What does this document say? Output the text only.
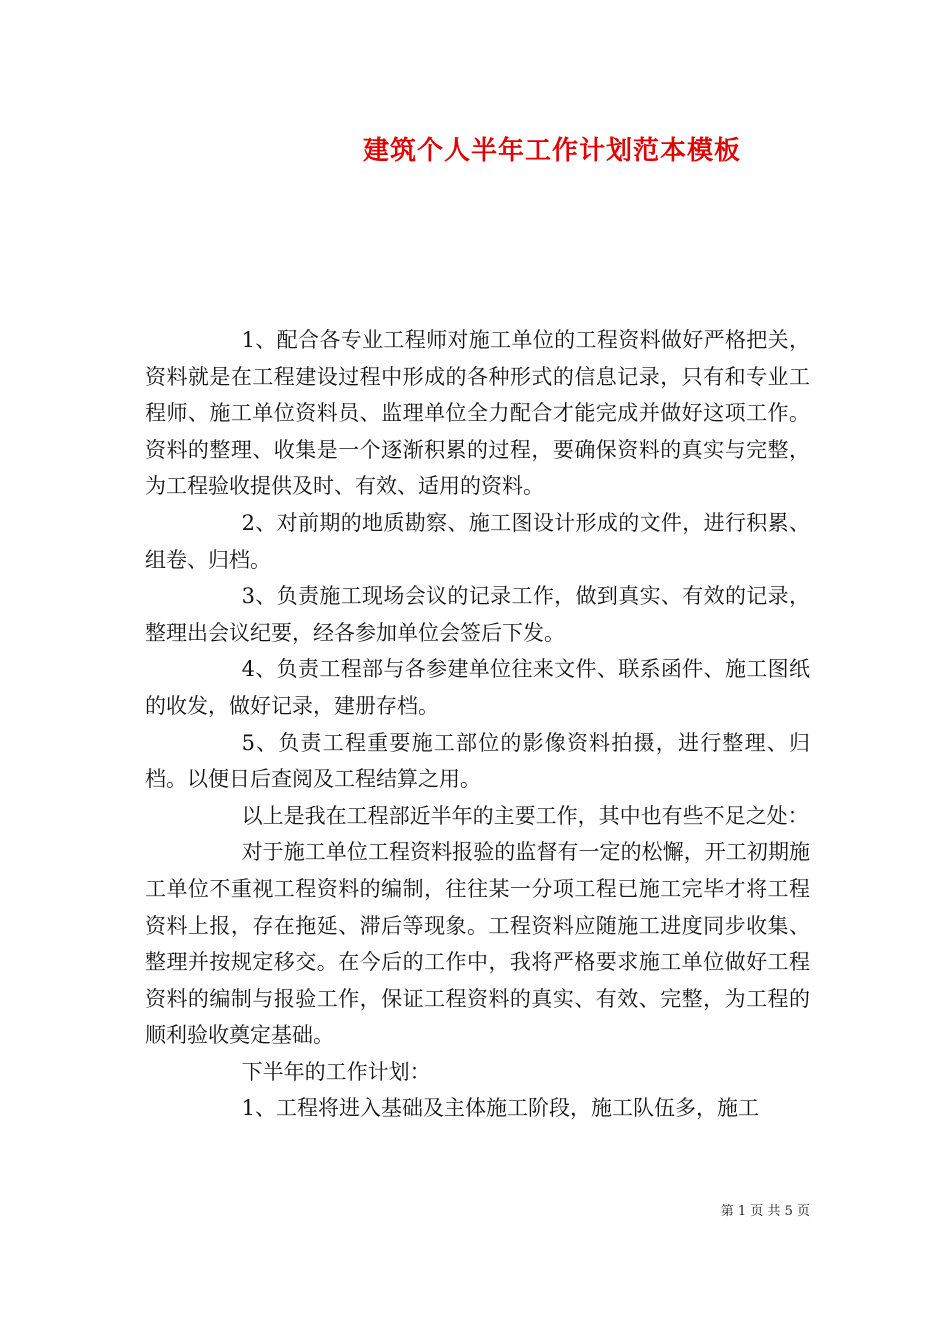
建筑个人半年工作计划范本模板

1、配合各专业工程师对施工单位的工程资料做好严格把关，资料就是在工程建设过程中形成的各种形式的信息记录，只有和专业工程师、施工单位资料员、监理单位全力配合才能完成并做好这项工作。资料的整理、收集是一个逐渐积累的过程，要确保资料的真实与完整，为工程验收提供及时、有效、适用的资料。

2、对前期的地质勘察、施工图设计形成的文件，进行积累、组卷、归档。

3、负责施工现场会议的记录工作，做到真实、有效的记录，整理出会议纪要，经各参加单位会签后下发。

4、负责工程部与各参建单位往来文件、联系函件、施工图纸的收发，做好记录，建册存档。

5、负责工程重要施工部位的影像资料拍摄，进行整理、归档。以便日后查阅及工程结算之用。

以上是我在工程部近半年的主要工作，其中也有些不足之处：

对于施工单位工程资料报验的监督有一定的松懈，开工初期施工单位不重视工程资料的编制，往往某一分项工程已施工完毕才将工程资料上报，存在拖延、滞后等现象。工程资料应随施工进度同步收集、整理并按规定移交。在今后的工作中，我将严格要求施工单位做好工程资料的编制与报验工作，保证工程资料的真实、有效、完整，为工程的顺利验收奠定基础。

下半年的工作计划：

1、工程将进入基础及主体施工阶段，施工队伍多，施工

第 1 页 共 5 页
